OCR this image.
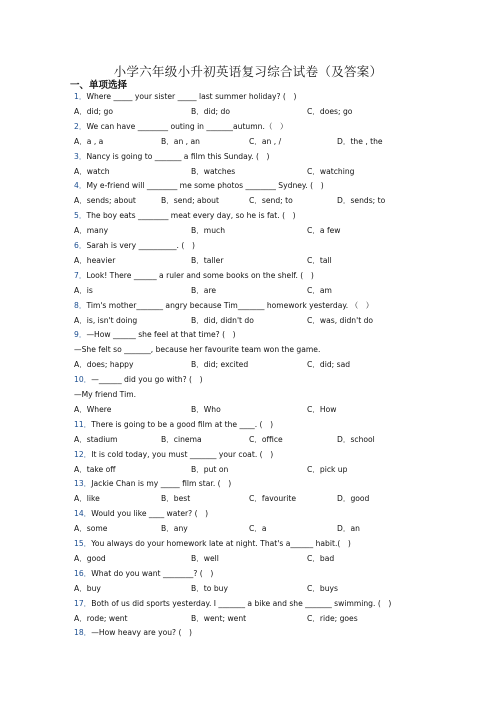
小学六年级小升初英语复习综合试卷（及答案）
一、单项选择
1．Where _____ your sister _____ last summer holiday? (　)
A．did; go	B．did; do	C．does; go
2．We can have ________ outing in _______autumn.（　）
A．a , a	B．an , an	C．an , /	D．the , the
3．Nancy is going to _______ a film this Sunday. (　)
A．watch	B．watches	C．watching
4．My e-friend will ________ me some photos ________ Sydney. (　)
A．sends; about	B．send; about	C．send; to	D．sends; to
5．The boy eats ________ meat every day, so he is fat. (　)
A．many	B．much	C．a few
6．Sarah is very __________. (　)
A．heavier	B．taller	C．tall
7．Look! There ______ a ruler and some books on the shelf. (　)
A．is	B．are	C．am
8．Tim's mother_______ angry because Tim_______ homework yesterday. （　）
A．is, isn't doing	B．did, didn't do	C．was, didn't do
9．—How ______ she feel at that time? (　)
—She felt so _______, because her favourite team won the game.
A．does; happy	B．did; excited	C．did; sad
10．—______ did you go with? (　)
—My friend Tim.
A．Where	B．Who	C．How
11．There is going to be a good film at the ____. (　)
A．stadium	B．cinema	C．office	D．school
12．It is cold today, you must _______ your coat. (　)
A．take off	B．put on	C．pick up
13．Jackie Chan is my _____ film star. (　)
A．like	B．best	C．favourite	D．good
14．Would you like ____ water? (　)
A．some	B．any	C．a	D．an
15．You always do your homework late at night. That's a______ habit.(　)
A．good	B．well	C．bad
16．What do you want ________? (　)
A．buy	B．to buy	C．buys
17．Both of us did sports yesterday. I _______ a bike and she _______ swimming. (　)
A．rode; went	B．went; went	C．ride; goes
18．—How heavy are you? (　)
